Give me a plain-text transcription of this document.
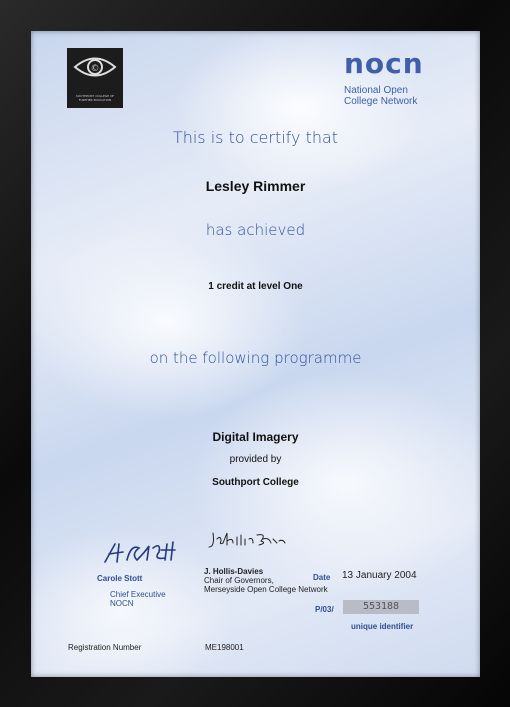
©
SOUTHPORT COLLEGE OF FURTHER EDUCATION
nocn
National Open
College Network
This is to certify that
Lesley Rimmer
has achieved
1 credit at level One
on the following programme
Digital Imagery
provided by
Southport College
Carole Stott
Chief Executive
NOCN
J. Hollis-Davies
Chair of Governors,
Merseyside Open College Network
Date 13 January 2004
P/03/	553188
unique identifier
Registration Number	ME198001
